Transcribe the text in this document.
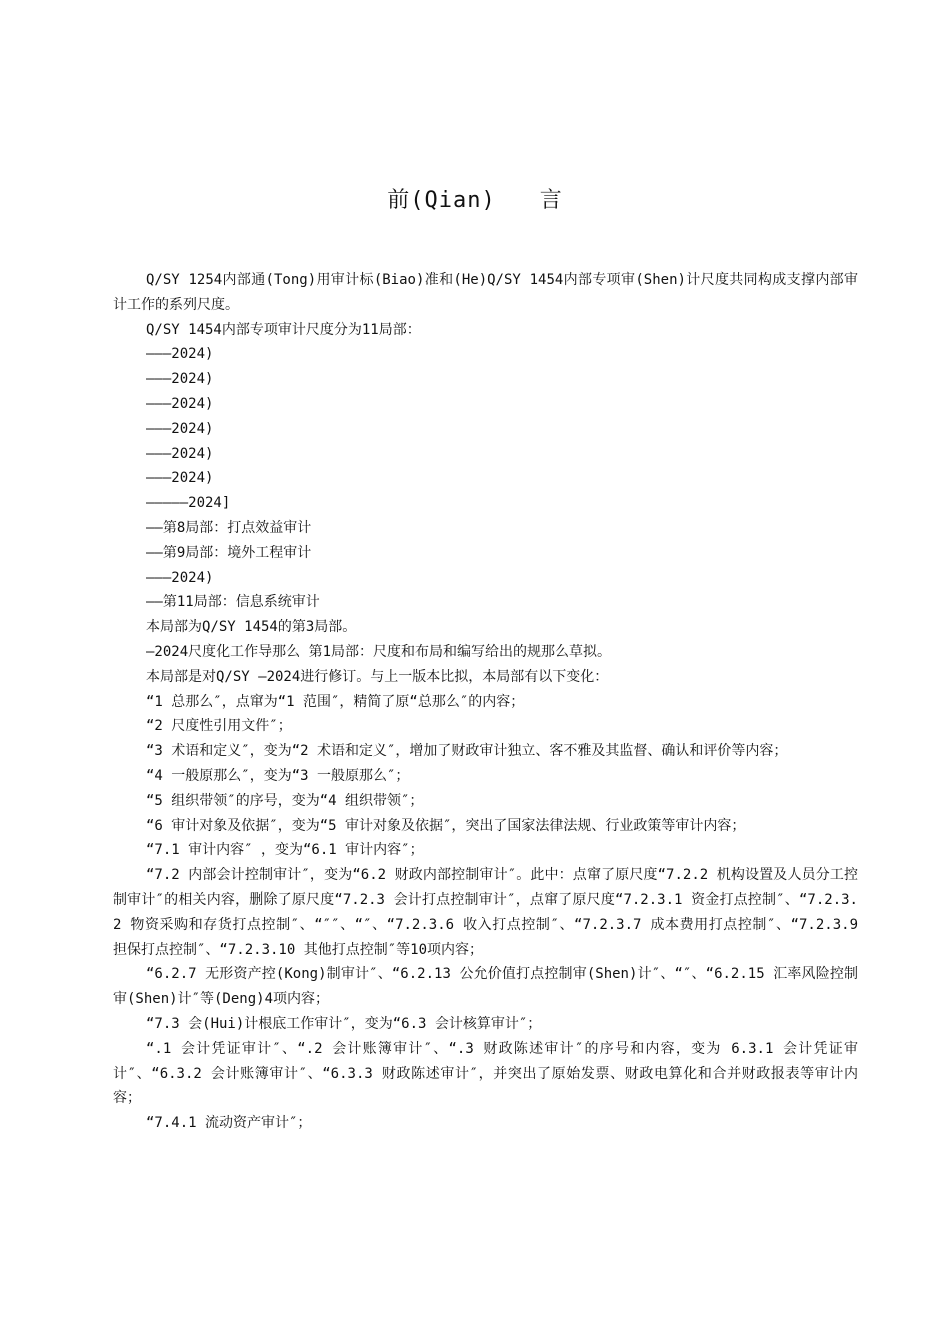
前(Qian) 言

Q/SY 1254内部通(Tong)用审计标(Biao)准和(He)Q/SY 1454内部专项审(Shen)计尺度共同构成支撑内部审计工作的系列尺度。

Q/SY 1454内部专项审计尺度分为11局部：

———2024)

———2024)

———2024)

———2024)

———2024)

———2024)

—————2024]

——第8局部：打点效益审计

——第9局部：境外工程审计

———2024)

——第11局部：信息系统审计

本局部为Q/SY 1454的第3局部。

—2024尺度化工作导那么 第1局部：尺度和布局和编写给出的规那么草拟。

本局部是对Q/SY —2024进行修订。与上一版本比拟，本局部有以下变化：

“1 总那么″，点窜为“1 范围″，精简了原“总那么″的内容；

“2 尺度性引用文件″；

“3 术语和定义″，变为“2 术语和定义″，增加了财政审计独立、客不雅及其监督、确认和评价等内容；

“4 一般原那么″，变为“3 一般原那么″；

“5 组织带领″的序号，变为“4 组织带领″；

“6 审计对象及依据″，变为“5 审计对象及依据″，突出了国家法律法规、行业政策等审计内容；

“7.1 审计内容″ ，变为“6.1 审计内容″；

“7.2 内部会计控制审计″，变为“6.2 财政内部控制审计″。此中：点窜了原尺度“7.2.2 机构设置及人员分工控制审计″的相关内容，删除了原尺度“7.2.3 会计打点控制审计″，点窜了原尺度“7.2.3.1 资金打点控制″、“7.2.3.2 物资采购和存货打点控制″、“″″、“″、“7.2.3.6 收入打点控制″、“7.2.3.7 成本费用打点控制″、“7.2.3.9 担保打点控制″、“7.2.3.10 其他打点控制″等10项内容；

“6.2.7 无形资产控(Kong)制审计″、“6.2.13 公允价值打点控制审(Shen)计″、“″、“6.2.15 汇率风险控制审(Shen)计″等(Deng)4项内容；

“7.3 会(Hui)计根底工作审计″，变为“6.3 会计核算审计″；

“.1 会计凭证审计″、“.2 会计账簿审计″、“.3 财政陈述审计″的序号和内容，变为 6.3.1 会计凭证审计″、“6.3.2 会计账簿审计″、“6.3.3 财政陈述审计″，并突出了原始发票、财政电算化和合并财政报表等审计内容；

“7.4.1 流动资产审计″；
